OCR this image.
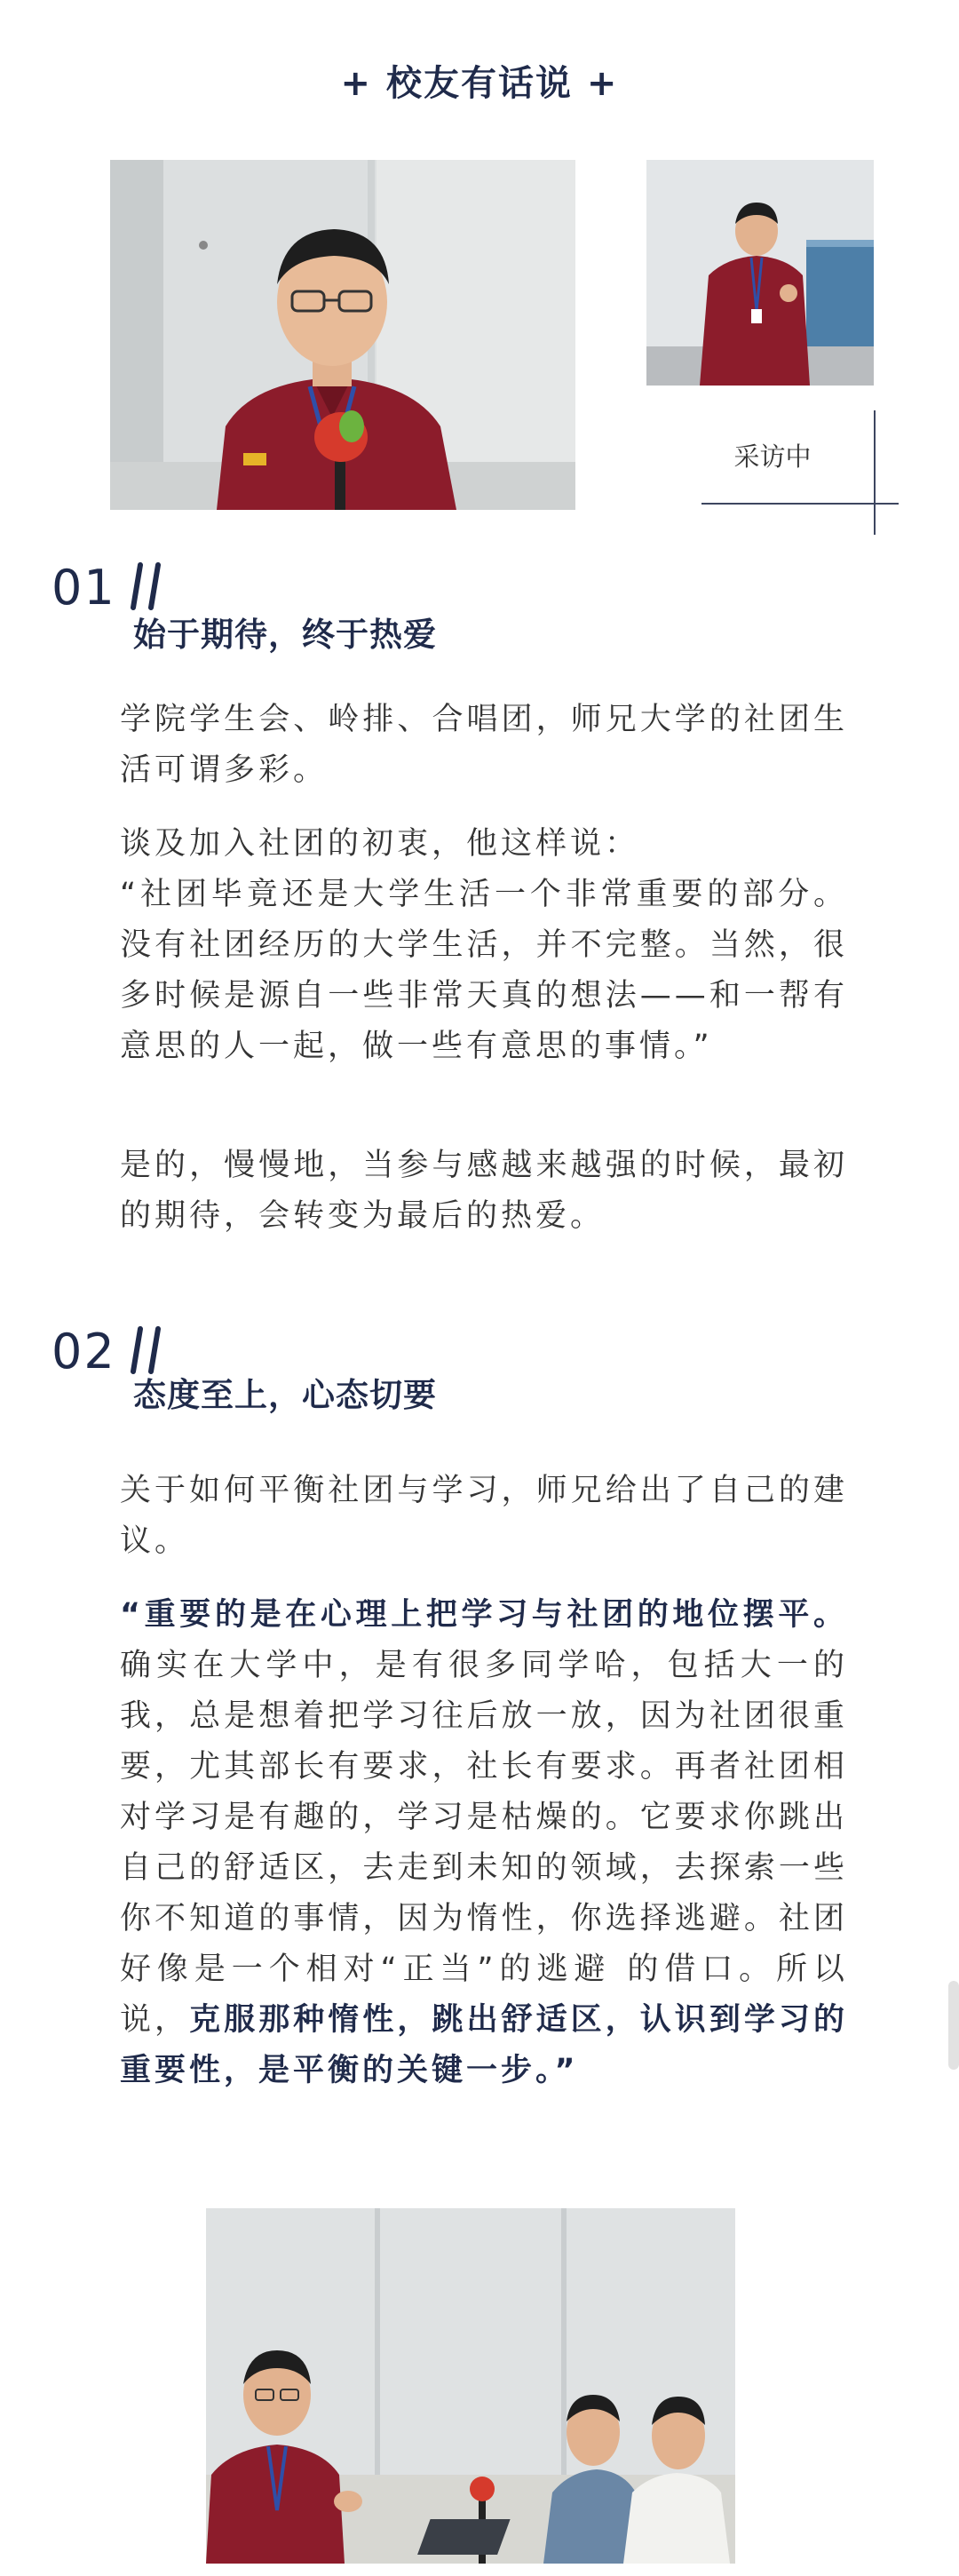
+ 校友有话说 +
采访中
01
始于期待，终于热爱

学院学生会、岭排、合唱团，师兄大学的社团生活可谓多彩。

谈及加入社团的初衷，他这样说：
“社团毕竟还是大学生活一个非常重要的部分。没有社团经历的大学生活，并不完整。当然，很多时候是源自一些非常天真的想法——和一帮有意思的人一起，做一些有意思的事情。”

是的，慢慢地，当参与感越来越强的时候，最初的期待，会转变为最后的热爱。

02
态度至上，心态切要

关于如何平衡社团与学习，师兄给出了自己的建议。

“重要的是在心理上把学习与社团的地位摆平。确实在大学中，是有很多同学哈，包括大一的我，总是想着把学习往后放一放，因为社团很重要，尤其部长有要求，社长有要求。再者社团相对学习是有趣的，学习是枯燥的。它要求你跳出自己的舒适区，去走到未知的领域，去探索一些你不知道的事情，因为惰性，你选择逃避。社团好像是一个相对“正当”的逃避 的借口。所以说，克服那种惰性，跳出舒适区，认识到学习的重要性，是平衡的关键一步。”
